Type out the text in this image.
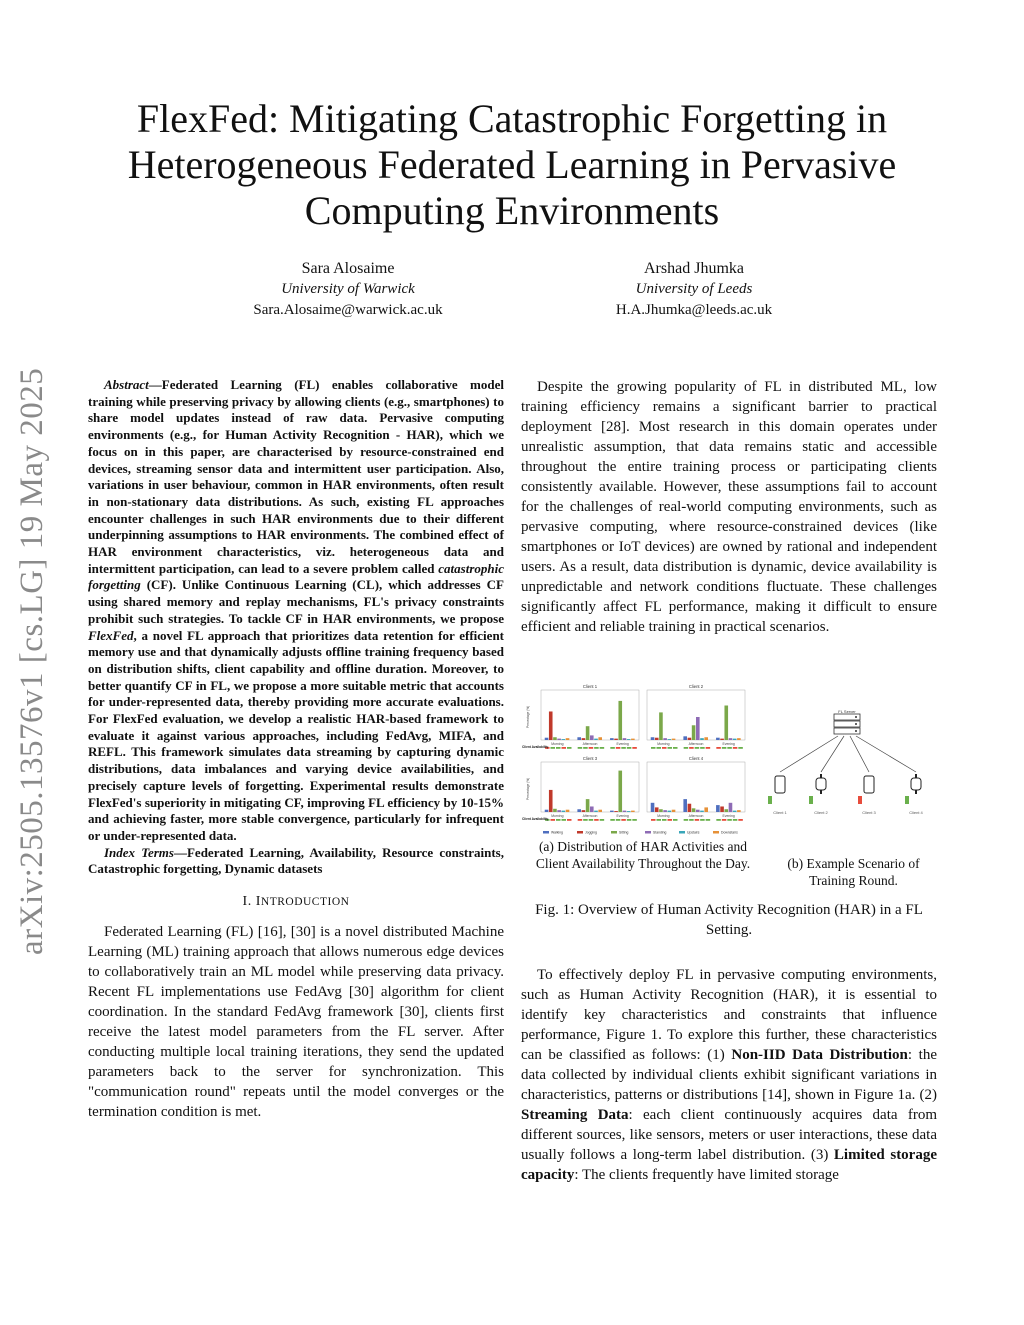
arXiv:2505.13576v1 [cs.LG] 19 May 2025
FlexFed: Mitigating Catastrophic Forgetting in Heterogeneous Federated Learning in Pervasive Computing Environments
Sara Alosaime
University of Warwick
Sara.Alosaime@warwick.ac.uk
Arshad Jhumka
University of Leeds
H.A.Jhumka@leeds.ac.uk

Abstract—Federated Learning (FL) enables collaborative model training while preserving privacy by allowing clients (e.g., smartphones) to share model updates instead of raw data. Pervasive computing environments (e.g., for Human Activity Recognition - HAR), which we focus on in this paper, are characterised by resource-constrained end devices, streaming sensor data and intermittent user participation. Also, variations in user behaviour, common in HAR environments, often result in non-stationary data distributions. As such, existing FL approaches encounter challenges in such HAR environments due to their different underpinning assumptions to HAR environments. The combined effect of HAR environment characteristics, viz. heterogeneous data and intermittent participation, can lead to a severe problem called catastrophic forgetting (CF). Unlike Continuous Learning (CL), which addresses CF using shared memory and replay mechanisms, FL's privacy constraints prohibit such strategies. To tackle CF in HAR environments, we propose FlexFed, a novel FL approach that prioritizes data retention for efficient memory use and that dynamically adjusts offline training frequency based on distribution shifts, client capability and offline duration. Moreover, to better quantify CF in FL, we propose a more suitable metric that accounts for under-represented data, thereby providing more accurate evaluations. For FlexFed evaluation, we develop a realistic HAR-based framework to evaluate it against various approaches, including FedAvg, MIFA, and REFL. This framework simulates data streaming by capturing dynamic distributions, data imbalances and varying device availabilities, and precisely capture levels of forgetting. Experimental results demonstrate FlexFed's superiority in mitigating CF, improving FL efficiency by 10-15% and achieving faster, more stable convergence, particularly for infrequent or under-represented data.

Index Terms—Federated Learning, Availability, Resource constraints, Catastrophic forgetting, Dynamic datasets

I. INTRODUCTION

Federated Learning (FL) [16], [30] is a novel distributed Machine Learning (ML) training approach that allows numerous edge devices to collaboratively train an ML model while preserving data privacy. Recent FL implementations use FedAvg [30] algorithm for client coordination. In the standard FedAvg framework [30], clients first receive the latest model parameters from the FL server. After conducting multiple local training iterations, they send the updated parameters back to the server for synchronization. This "communication round" repeats until the model converges or the termination condition is met.

Despite the growing popularity of FL in distributed ML, low training efficiency remains a significant barrier to practical deployment [28]. Most research in this domain operates under unrealistic assumption, that data remains static and accessible throughout the entire training process or participating clients consistently available. However, these assumptions fail to account for the challenges of real-world computing environments, such as pervasive computing, where resource-constrained devices (like smartphones or IoT devices) are owned by rational and independent users. As a result, data distribution is dynamic, device availability is unpredictable and network conditions fluctuate. These challenges significantly affect FL performance, making it difficult to ensure efficient and reliable training in practical scenarios.

Client 1
Morning	Afternoon	Evening
Client 2
Morning	Afternoon	Evening
Client 3
Morning	Afternoon	Evening
Client 4
Morning	Afternoon	Evening
Client Availability
Percentage (%)
Client Availability
Percentage (%)
Walking	Jogging	Sitting	Standing	Upstairs	Downstairs
FL Server
Client 1	Client 2	Client 3	Client 4
(a) Distribution of HAR Activities and Client Availability Throughout the Day.	(b) Example Scenario of Training Round.
Fig. 1: Overview of Human Activity Recognition (HAR) in a FL Setting.

To effectively deploy FL in pervasive computing environments, such as Human Activity Recognition (HAR), it is essential to identify key characteristics and constraints that influence performance, Figure 1. To explore this further, these characteristics can be classified as follows: (1) Non-IID Data Distribution: the data collected by individual clients exhibit significant variations in characteristics, patterns or distributions [14], shown in Figure 1a. (2) Streaming Data: each client continuously acquires data from different sources, like sensors, meters or user interactions, these data usually follows a long-term label distribution. (3) Limited storage capacity: The clients frequently have limited storage
